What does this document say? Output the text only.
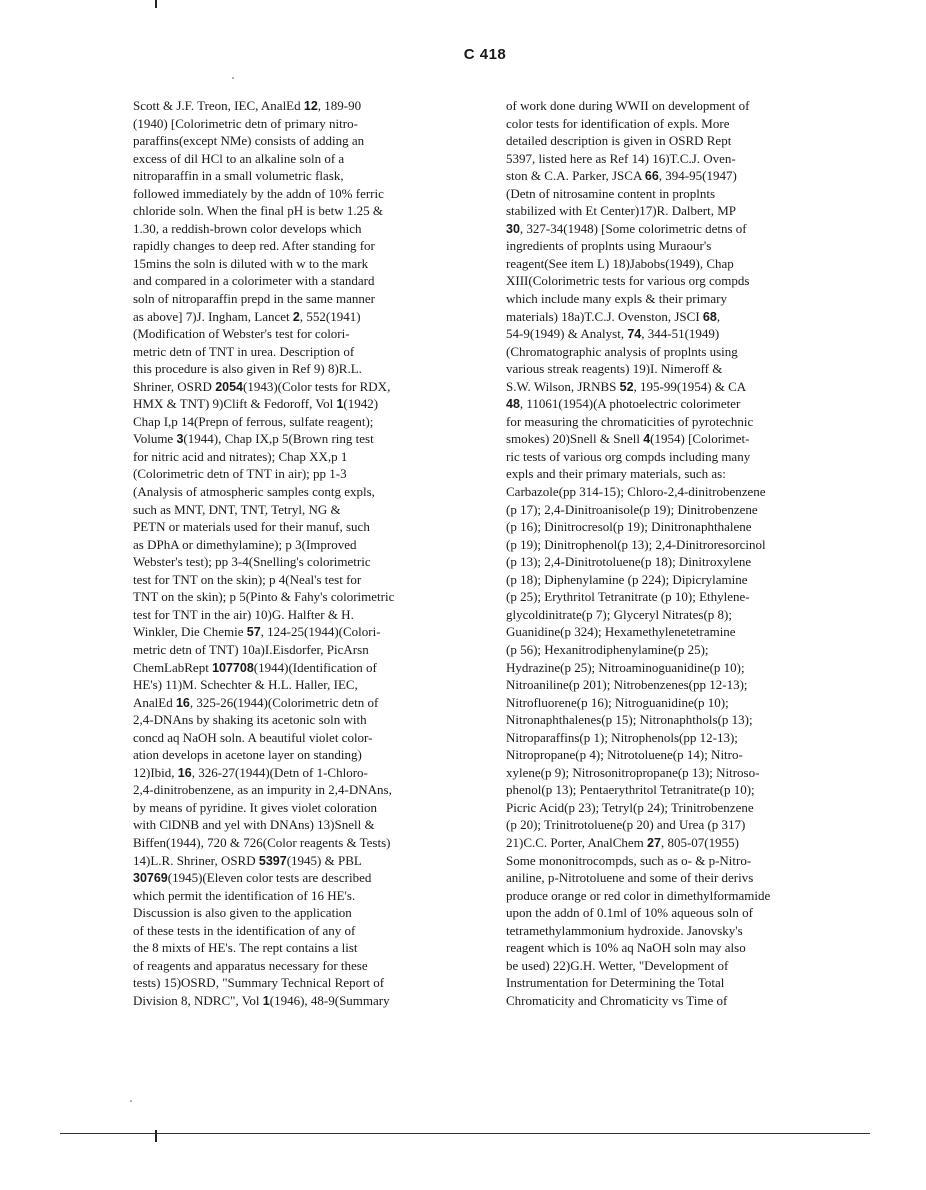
C 418
Scott & J.F. Treon, IEC, AnalEd 12, 189-90
(1940) [Colorimetric detn of primary nitro-
paraffins(except NMe) consists of adding an
excess of dil HCl to an alkaline soln of a
nitroparaffin in a small volumetric flask,
followed immediately by the addn of 10% ferric
chloride soln. When the final pH is betw 1.25 &
1.30, a reddish-brown color develops which
rapidly changes to deep red. After standing for
15mins the soln is diluted with w to the mark
and compared in a colorimeter with a standard
soln of nitroparaffin prepd in the same manner
as above] 7)J. Ingham, Lancet 2, 552(1941)
(Modification of Webster's test for colori-
metric detn of TNT in urea. Description of
this procedure is also given in Ref 9) 8)R.L.
Shriner, OSRD 2054(1943)(Color tests for RDX,
HMX & TNT) 9)Clift & Fedoroff, Vol 1(1942)
Chap I,p 14(Prepn of ferrous, sulfate reagent);
Volume 3(1944), Chap IX,p 5(Brown ring test
for nitric acid and nitrates); Chap XX,p 1
(Colorimetric detn of TNT in air); pp 1-3
(Analysis of atmospheric samples contg expls,
such as MNT, DNT, TNT, Tetryl, NG &
PETN or materials used for their manuf, such
as DPhA or dimethylamine); p 3(Improved
Webster's test); pp 3-4(Snelling's colorimetric
test for TNT on the skin); p 4(Neal's test for
TNT on the skin); p 5(Pinto & Fahy's colorimetric
test for TNT in the air) 10)G. Halfter & H.
Winkler, Die Chemie 57, 124-25(1944)(Colori-
metric detn of TNT) 10a)I.Eisdorfer, PicArsn
ChemLabRept 107708(1944)(Identification of
HE's) 11)M. Schechter & H.L. Haller, IEC,
AnalEd 16, 325-26(1944)(Colorimetric detn of
2,4-DNAns by shaking its acetonic soln with
concd aq NaOH soln. A beautiful violet color-
ation develops in acetone layer on standing)
12)Ibid, 16, 326-27(1944)(Detn of 1-Chloro-
2,4-dinitrobenzene, as an impurity in 2,4-DNAns,
by means of pyridine. It gives violet coloration
with ClDNB and yel with DNAns) 13)Snell &
Biffen(1944), 720 & 726(Color reagents & Tests)
14)L.R. Shriner, OSRD 5397(1945) & PBL
30769(1945)(Eleven color tests are described
which permit the identification of 16 HE's.
Discussion is also given to the application
of these tests in the identification of any of
the 8 mixts of HE's. The rept contains a list
of reagents and apparatus necessary for these
tests) 15)OSRD, "Summary Technical Report of
Division 8, NDRC", Vol 1(1946), 48-9(Summary
of work done during WWII on development of
color tests for identification of expls. More
detailed description is given in OSRD Rept
5397, listed here as Ref 14) 16)T.C.J. Oven-
ston & C.A. Parker, JSCA 66, 394-95(1947)
(Detn of nitrosamine content in proplnts
stabilized with Et Center)17)R. Dalbert, MP
30, 327-34(1948) [Some colorimetric detns of
ingredients of proplnts using Muraour's
reagent(See item L) 18)Jabobs(1949), Chap
XIII(Colorimetric tests for various org compds
which include many expls & their primary
materials) 18a)T.C.J. Ovenston, JSCI 68,
54-9(1949) & Analyst, 74, 344-51(1949)
(Chromatographic analysis of proplnts using
various streak reagents) 19)I. Nimeroff &
S.W. Wilson, JRNBS 52, 195-99(1954) & CA
48, 11061(1954)(A photoelectric colorimeter
for measuring the chromaticities of pyrotechnic
smokes) 20)Snell & Snell 4(1954) [Colorimet-
ric tests of various org compds including many
expls and their primary materials, such as:
Carbazole(pp 314-15); Chloro-2,4-dinitrobenzene
(p 17); 2,4-Dinitroanisole(p 19); Dinitrobenzene
(p 16); Dinitrocresol(p 19); Dinitronaphthalene
(p 19); Dinitrophenol(p 13); 2,4-Dinitroresorcinol
(p 13); 2,4-Dinitrotoluene(p 18); Dinitroxylene
(p 18); Diphenylamine (p 224); Dipicrylamine
(p 25); Erythritol Tetranitrate (p 10); Ethylene-
glycoldinitrate(p 7); Glyceryl Nitrates(p 8);
Guanidine(p 324); Hexamethylenetetramine
(p 56); Hexanitrodiphenylamine(p 25);
Hydrazine(p 25); Nitroaminoguanidine(p 10);
Nitroaniline(p 201); Nitrobenzenes(pp 12-13);
Nitrofluorene(p 16); Nitroguanidine(p 10);
Nitronaphthalenes(p 15); Nitronaphthols(p 13);
Nitroparaffins(p 1); Nitrophenols(pp 12-13);
Nitropropane(p 4); Nitrotoluene(p 14); Nitro-
xylene(p 9); Nitrosonitropropane(p 13); Nitroso-
phenol(p 13); Pentaerythritol Tetranitrate(p 10);
Picric Acid(p 23); Tetryl(p 24); Trinitrobenzene
(p 20); Trinitrotoluene(p 20) and Urea (p 317)
21)C.C. Porter, AnalChem 27, 805-07(1955)
Some mononitrocompds, such as o- & p-Nitro-
aniline, p-Nitrotoluene and some of their derivs
produce orange or red color in dimethylformamide
upon the addn of 0.1ml of 10% aqueous soln of
tetramethylammonium hydroxide. Janovsky's
reagent which is 10% aq NaOH soln may also
be used) 22)G.H. Wetter, "Development of
Instrumentation for Determining the Total
Chromaticity and Chromaticity vs Time of
